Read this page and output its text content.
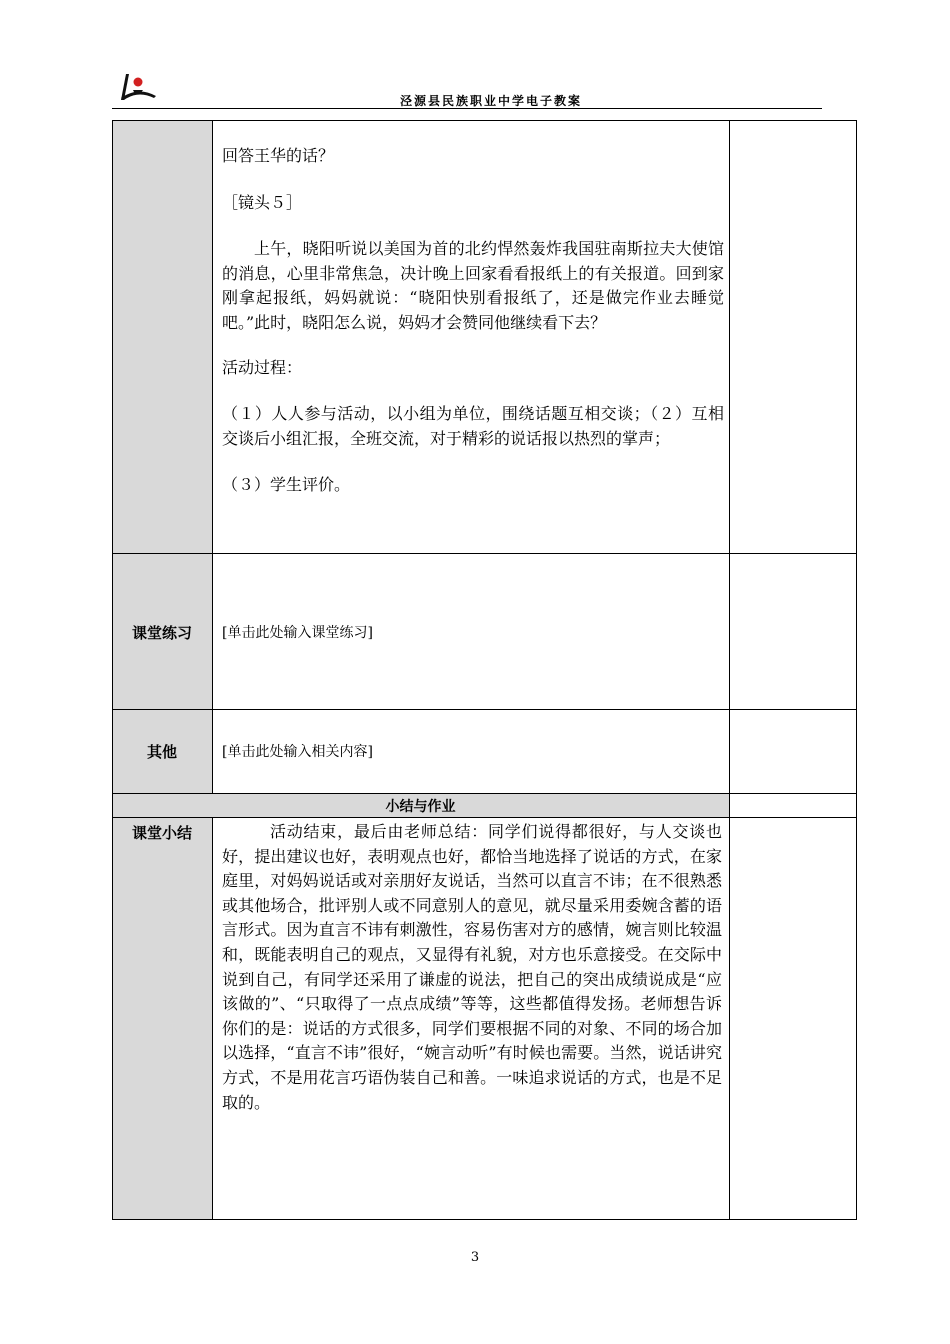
泾源县民族职业中学电子教案

回答王华的话？

［镜头５］

上午，晓阳听说以美国为首的北约悍然轰炸我国驻南斯拉夫大使馆的消息，心里非常焦急，决计晚上回家看看报纸上的有关报道。回到家刚拿起报纸，妈妈就说：“晓阳快别看报纸了，还是做完作业去睡觉吧。”此时，晓阳怎么说，妈妈才会赞同他继续看下去？

活动过程：

（１）人人参与活动，以小组为单位，围绕话题互相交谈；（２）互相交谈后小组汇报，全班交流，对于精彩的说话报以热烈的掌声；

（３）学生评价。

课堂练习	[单击此处输入课堂练习]
其他	[单击此处输入相关内容]
小结与作业
课堂小结	活动结束，最后由老师总结：同学们说得都很好，与人交谈也好，提出建议也好，表明观点也好，都恰当地选择了说话的方式，在家庭里，对妈妈说话或对亲朋好友说话，当然可以直言不讳；在不很熟悉或其他场合，批评别人或不同意别人的意见，就尽量采用委婉含蓄的语言形式。因为直言不讳有刺激性，容易伤害对方的感情，婉言则比较温和，既能表明自己的观点，又显得有礼貌，对方也乐意接受。在交际中说到自己，有同学还采用了谦虚的说法，把自己的突出成绩说成是“应该做的”、“只取得了一点点成绩”等等，这些都值得发扬。老师想告诉你们的是：说话的方式很多，同学们要根据不同的对象、不同的场合加以选择，“直言不讳”很好，“婉言动听”有时候也需要。当然，说话讲究方式，不是用花言巧语伪装自己和善。一味追求说话的方式，也是不足取的。
3
